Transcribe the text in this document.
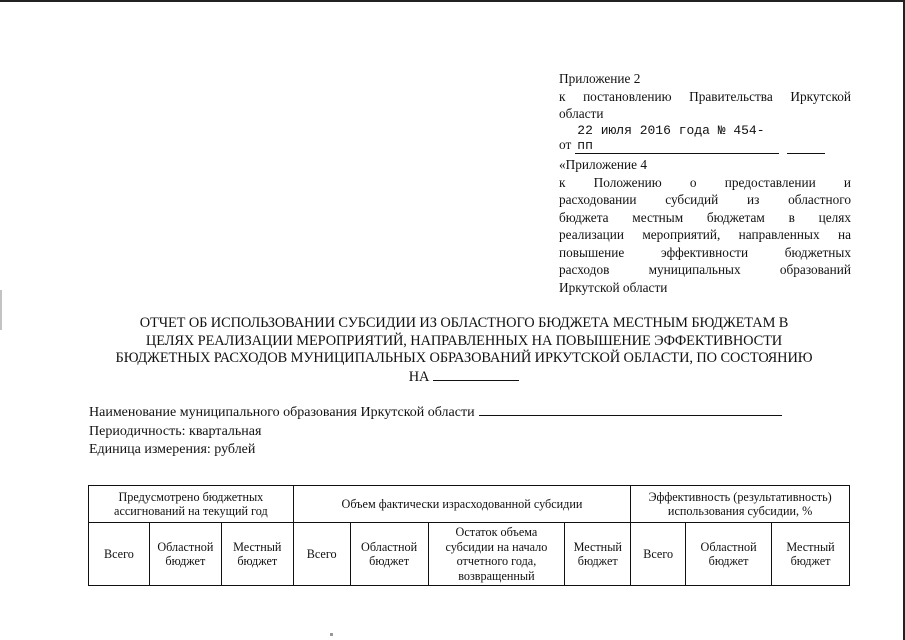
Приложение 2
к постановлению Правительства Иркутской
области
от
22 июля 2016 года № 454-пп
«Приложение 4
к Положению о предоставлении и
расходовании субсидий из областного
бюджета местным бюджетам в целях
реализации мероприятий, направленных на
повышение эффективности бюджетных
расходов муниципальных образований
Иркутской области
ОТЧЕТ ОБ ИСПОЛЬЗОВАНИИ СУБСИДИИ ИЗ ОБЛАСТНОГО БЮДЖЕТА МЕСТНЫМ БЮДЖЕТАМ В
ЦЕЛЯХ РЕАЛИЗАЦИИ МЕРОПРИЯТИЙ, НАПРАВЛЕННЫХ НА ПОВЫШЕНИЕ ЭФФЕКТИВНОСТИ
БЮДЖЕТНЫХ РАСХОДОВ МУНИЦИПАЛЬНЫХ ОБРАЗОВАНИЙ ИРКУТСКОЙ ОБЛАСТИ, ПО СОСТОЯНИЮ
НА
Наименование муниципального образования Иркутской области
Периодичность: квартальная
Единица измерения: рублей
Предусмотрено бюджетных ассигнований на текущий год			Объем фактически израсходованной субсидии				Эффективность (результативность) использования субсидии, %		
Всего	Областной бюджет	Местный бюджет	Всего	Областной бюджет	Остаток объема субсидии на начало отчетного года, возвращенный	Местный бюджет	Всего	Областной бюджет	Местный бюджет
